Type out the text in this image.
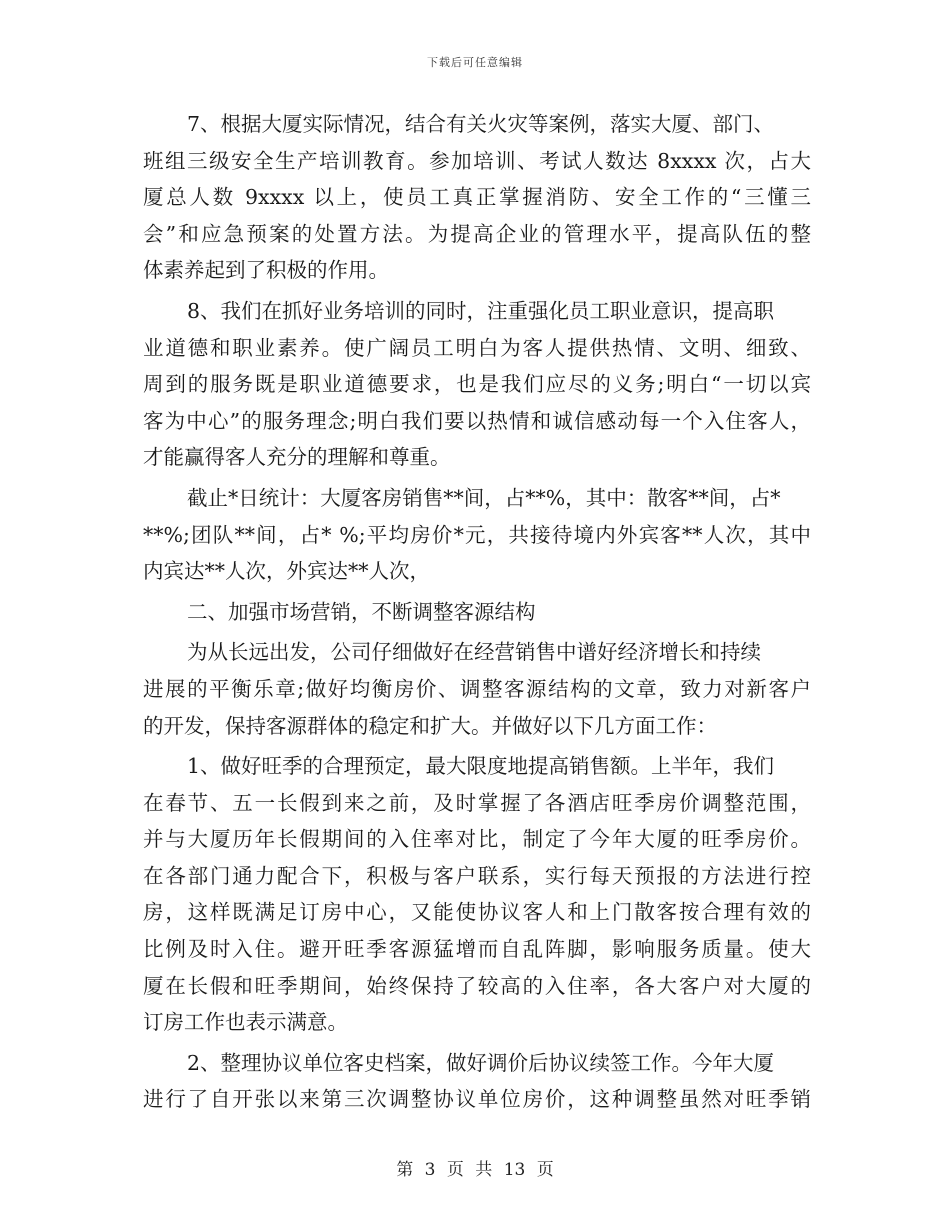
下载后可任意编辑
7、根据大厦实际情况，结合有关火灾等案例，落实大厦、部门、
班组三级安全生产培训教育。参加培训、考试人数达 8xxxx 次，占大
厦总人数 9xxxx 以上，使员工真正掌握消防、安全工作的“三懂三
会”和应急预案的处置方法。为提高企业的管理水平，提高队伍的整
体素养起到了积极的作用。
8、我们在抓好业务培训的同时，注重强化员工职业意识，提高职
业道德和职业素养。使广阔员工明白为客人提供热情、文明、细致、
周到的服务既是职业道德要求，也是我们应尽的义务;明白“一切以宾
客为中心”的服务理念;明白我们要以热情和诚信感动每一个入住客人，
才能赢得客人充分的理解和尊重。
截止*日统计：大厦客房销售**间，占**%，其中：散客**间，占*
**%;团队**间，占* %;平均房价*元，共接待境内外宾客**人次，其中
内宾达**人次，外宾达**人次，
二、加强市场营销，不断调整客源结构
为从长远出发，公司仔细做好在经营销售中谱好经济增长和持续
进展的平衡乐章;做好均衡房价、调整客源结构的文章，致力对新客户
的开发，保持客源群体的稳定和扩大。并做好以下几方面工作：
1、做好旺季的合理预定，最大限度地提高销售额。上半年，我们
在春节、五一长假到来之前，及时掌握了各酒店旺季房价调整范围，
并与大厦历年长假期间的入住率对比，制定了今年大厦的旺季房价。
在各部门通力配合下，积极与客户联系，实行每天预报的方法进行控
房，这样既满足订房中心，又能使协议客人和上门散客按合理有效的
比例及时入住。避开旺季客源猛增而自乱阵脚，影响服务质量。使大
厦在长假和旺季期间，始终保持了较高的入住率，各大客户对大厦的
订房工作也表示满意。
2、整理协议单位客史档案，做好调价后协议续签工作。今年大厦
进行了自开张以来第三次调整协议单位房价，这种调整虽然对旺季销
第 3 页 共 13 页
